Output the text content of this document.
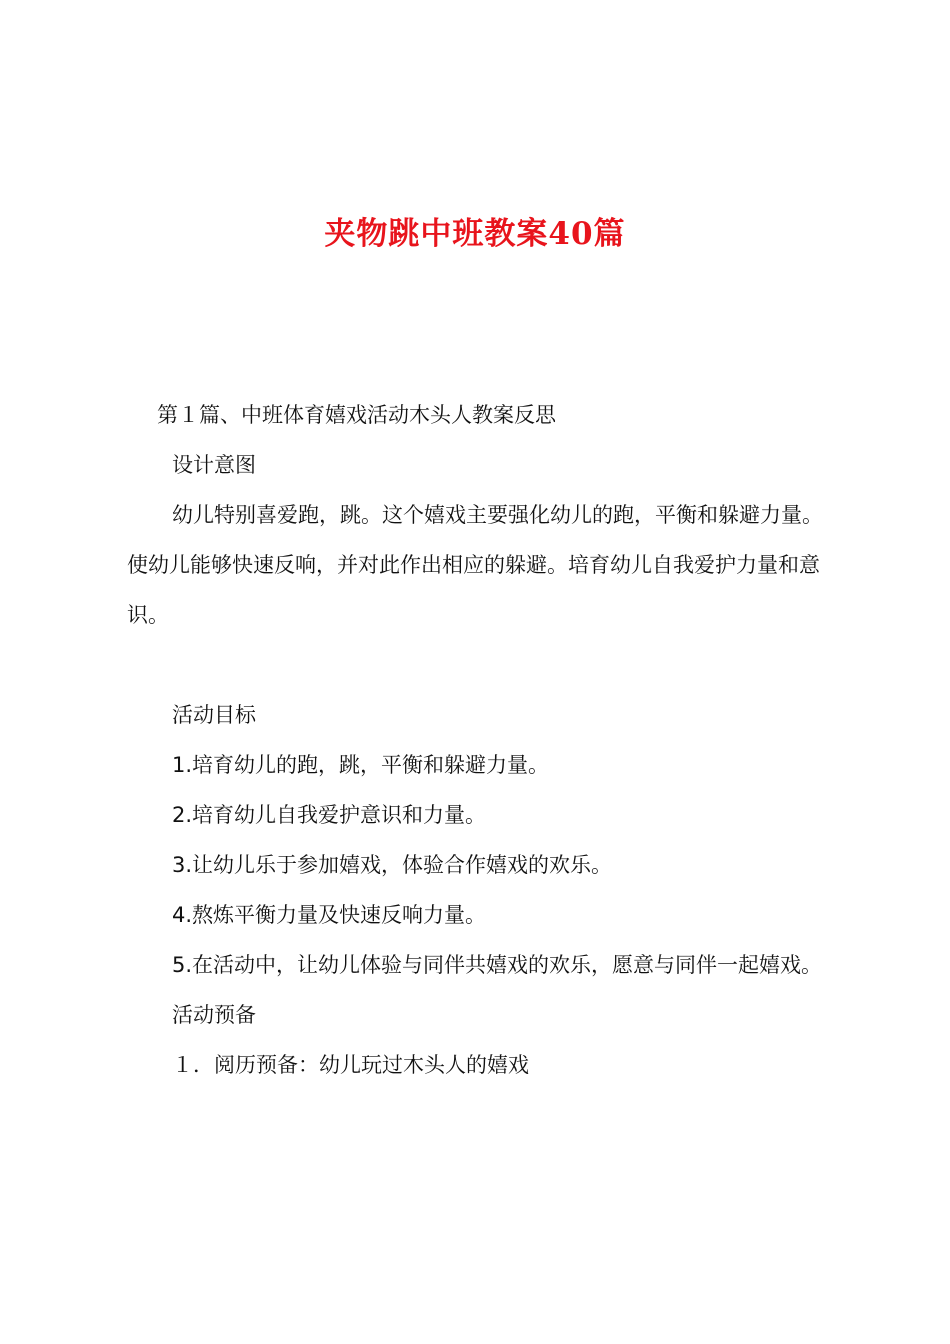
夹物跳中班教案40篇

第１篇、中班体育嬉戏活动木头人教案反思

设计意图

幼儿特别喜爱跑，跳。这个嬉戏主要强化幼儿的跑，平衡和躲避力量。使幼儿能够快速反响，并对此作出相应的躲避。培育幼儿自我爱护力量和意识。

活动目标

1.培育幼儿的跑，跳，平衡和躲避力量。

2.培育幼儿自我爱护意识和力量。

3.让幼儿乐于参加嬉戏，体验合作嬉戏的欢乐。

4.熬炼平衡力量及快速反响力量。

5.在活动中，让幼儿体验与同伴共嬉戏的欢乐，愿意与同伴一起嬉戏。

活动预备

１．阅历预备：幼儿玩过木头人的嬉戏
